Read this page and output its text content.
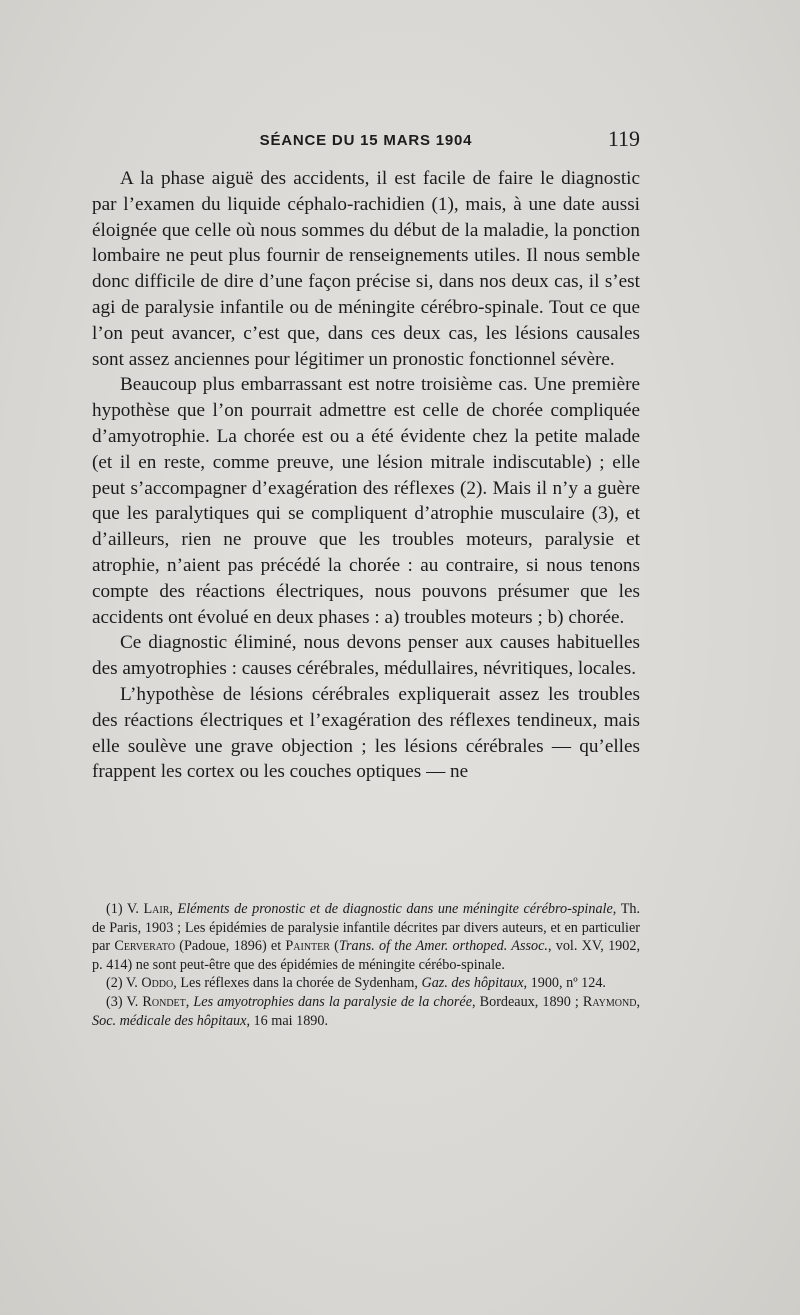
SÉANCE DU 15 MARS 1904	119

A la phase aiguë des accidents, il est facile de faire le diagnostic par l’examen du liquide céphalo-rachidien (1), mais, à une date aussi éloignée que celle où nous sommes du début de la maladie, la ponction lombaire ne peut plus fournir de renseignements utiles. Il nous semble donc difficile de dire d’une façon précise si, dans nos deux cas, il s’est agi de paralysie infantile ou de méningite cérébro-spinale. Tout ce que l’on peut avancer, c’est que, dans ces deux cas, les lésions causales sont assez anciennes pour légitimer un pronostic fonctionnel sévère.

Beaucoup plus embarrassant est notre troisième cas. Une première hypothèse que l’on pourrait admettre est celle de chorée compliquée d’amyotrophie. La chorée est ou a été évidente chez la petite malade (et il en reste, comme preuve, une lésion mitrale indiscutable) ; elle peut s’accompagner d’exagération des réflexes (2). Mais il n’y a guère que les paralytiques qui se compliquent d’atrophie musculaire (3), et d’ailleurs, rien ne prouve que les troubles moteurs, paralysie et atrophie, n’aient pas précédé la chorée : au contraire, si nous tenons compte des réactions électriques, nous pouvons présumer que les accidents ont évolué en deux phases : a) troubles moteurs ; b) chorée.

Ce diagnostic éliminé, nous devons penser aux causes habituelles des amyotrophies : causes cérébrales, médullaires, névritiques, locales.

L’hypothèse de lésions cérébrales expliquerait assez les troubles des réactions électriques et l’exagération des réflexes tendineux, mais elle soulève une grave objection ; les lésions cérébrales — qu’elles frappent les cortex ou les couches optiques — ne

(1) V. Lair, Eléments de pronostic et de diagnostic dans une méningite cérébro-spinale, Th. de Paris, 1903 ; Les épidémies de paralysie infantile décrites par divers auteurs, et en particulier par Cerverato (Padoue, 1896) et Painter (Trans. of the Amer. orthoped. Assoc., vol. XV, 1902, p. 414) ne sont peut-être que des épidémies de méningite cérébo-spinale.

(2) V. Oddo, Les réflexes dans la chorée de Sydenham, Gaz. des hôpitaux, 1900, nº 124.

(3) V. Rondet, Les amyotrophies dans la paralysie de la chorée, Bordeaux, 1890 ; Raymond, Soc. médicale des hôpitaux, 16 mai 1890.
